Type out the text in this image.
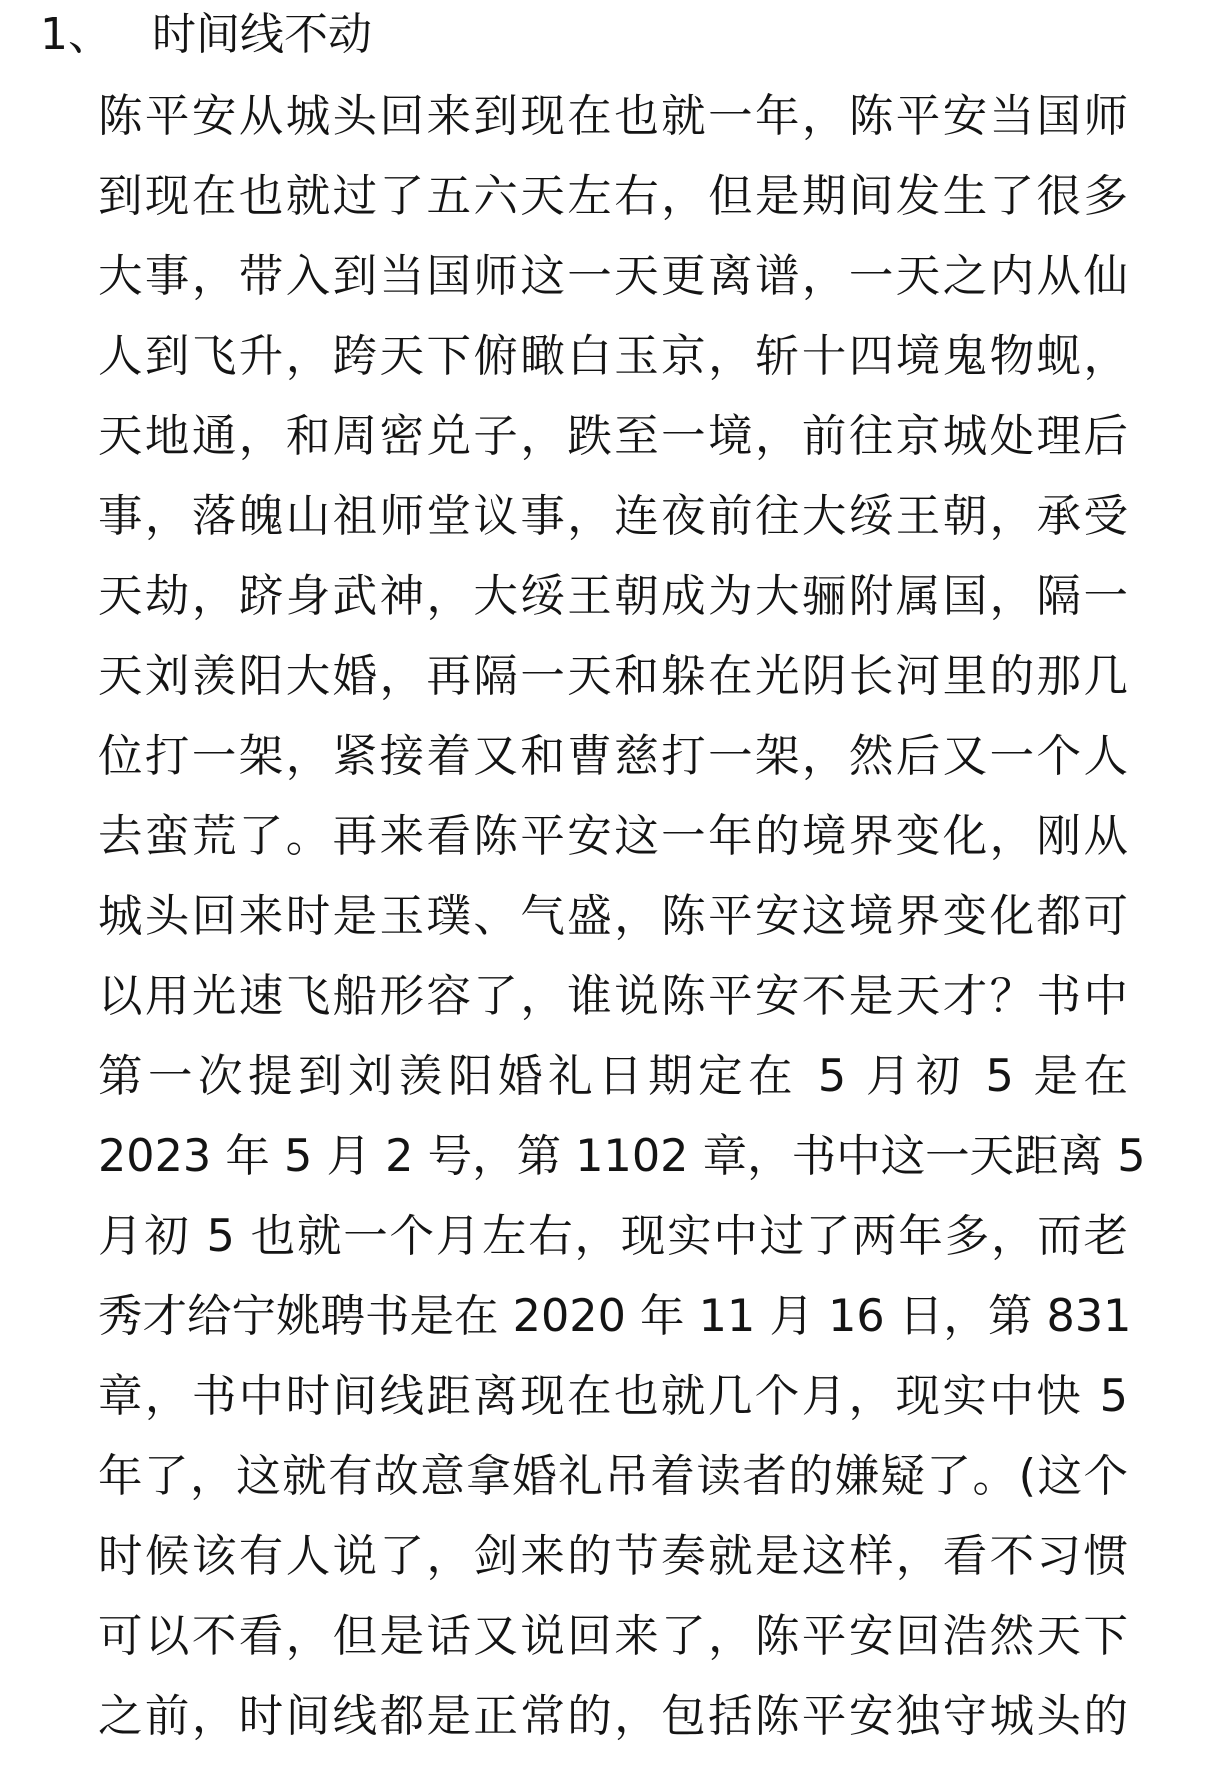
1、 时间线不动
陈平安从城头回来到现在也就一年，陈平安当国师
到现在也就过了五六天左右，但是期间发生了很多
大事，带入到当国师这一天更离谱，一天之内从仙
人到飞升，跨天下俯瞰白玉京，斩十四境鬼物蚬，
天地通，和周密兑子，跌至一境，前往京城处理后
事，落魄山祖师堂议事，连夜前往大绥王朝，承受
天劫，跻身武神，大绥王朝成为大骊附属国，隔一
天刘羡阳大婚，再隔一天和躲在光阴长河里的那几
位打一架，紧接着又和曹慈打一架，然后又一个人
去蛮荒了。再来看陈平安这一年的境界变化，刚从
城头回来时是玉璞、气盛，陈平安这境界变化都可
以用光速飞船形容了，谁说陈平安不是天才？书中
第一次提到刘羡阳婚礼日期定在 5 月初 5 是在
2023 年 5 月 2 号，第 1102 章，书中这一天距离 5
月初 5 也就一个月左右，现实中过了两年多，而老
秀才给宁姚聘书是在 2020 年 11 月 16 日，第 831
章，书中时间线距离现在也就几个月，现实中快 5
年了，这就有故意拿婚礼吊着读者的嫌疑了。(这个
时候该有人说了，剑来的节奏就是这样，看不习惯
可以不看，但是话又说回来了，陈平安回浩然天下
之前，时间线都是正常的，包括陈平安独守城头的
